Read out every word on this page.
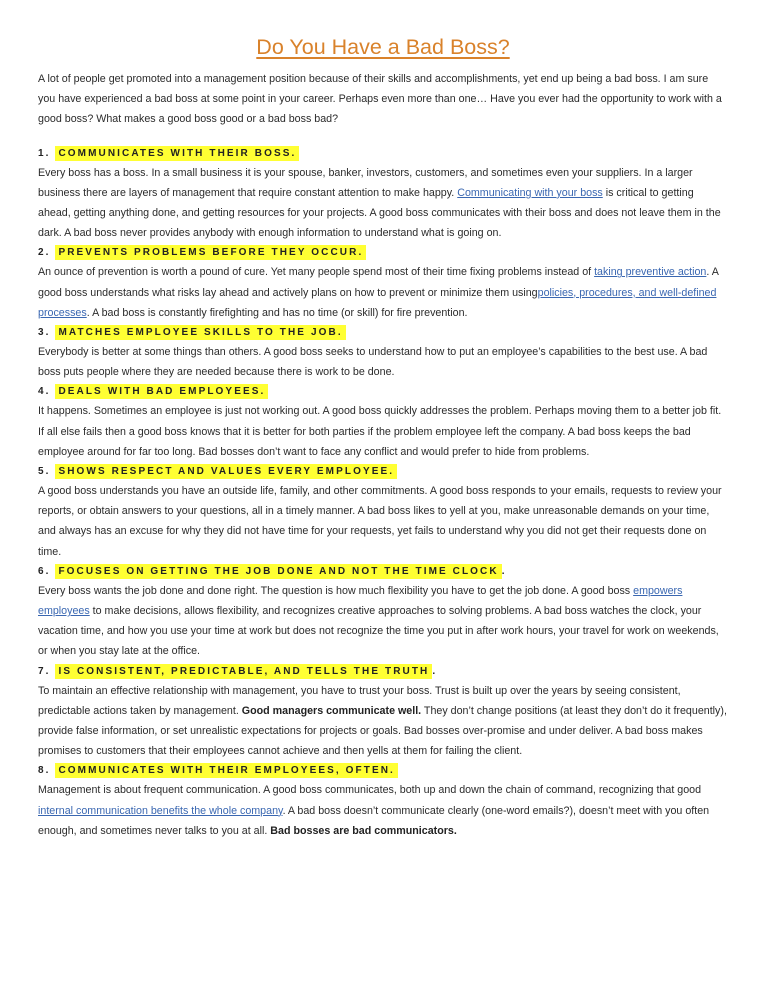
Do You Have a Bad Boss?

A lot of people get promoted into a management position because of their skills and accomplishments, yet end up being a bad boss. I am sure you have experienced a bad boss at some point in your career. Perhaps even more than one… Have you ever had the opportunity to work with a good boss? What makes a good boss good or a bad boss bad?

1. COMMUNICATES WITH THEIR BOSS.

Every boss has a boss. In a small business it is your spouse, banker, investors, customers, and sometimes even your suppliers. In a larger business there are layers of management that require constant attention to make happy. Communicating with your boss is critical to getting ahead, getting anything done, and getting resources for your projects. A good boss communicates with their boss and does not leave them in the dark. A bad boss never provides anybody with enough information to understand what is going on.

2. PREVENTS PROBLEMS BEFORE THEY OCCUR.

An ounce of prevention is worth a pound of cure. Yet many people spend most of their time fixing problems instead of taking preventive action. A good boss understands what risks lay ahead and actively plans on how to prevent or minimize them usingpolicies, procedures, and well-defined processes. A bad boss is constantly firefighting and has no time (or skill) for fire prevention.

3. MATCHES EMPLOYEE SKILLS TO THE JOB.

Everybody is better at some things than others. A good boss seeks to understand how to put an employee’s capabilities to the best use. A bad boss puts people where they are needed because there is work to be done.

4. DEALS WITH BAD EMPLOYEES.

It happens. Sometimes an employee is just not working out. A good boss quickly addresses the problem. Perhaps moving them to a better job fit. If all else fails then a good boss knows that it is better for both parties if the problem employee left the company. A bad boss keeps the bad employee around for far too long. Bad bosses don’t want to face any conflict and would prefer to hide from problems.

5. SHOWS RESPECT AND VALUES EVERY EMPLOYEE.

A good boss understands you have an outside life, family, and other commitments. A good boss responds to your emails, requests to review your reports, or obtain answers to your questions, all in a timely manner. A bad boss likes to yell at you, make unreasonable demands on your time, and always has an excuse for why they did not have time for your requests, yet fails to understand why you did not get their requests done on time.

6. FOCUSES ON GETTING THE JOB DONE AND NOT THE TIME CLOCK .

Every boss wants the job done and done right. The question is how much flexibility you have to get the job done. A good boss empowers employees to make decisions, allows flexibility, and recognizes creative approaches to solving problems. A bad boss watches the clock, your vacation time, and how you use your time at work but does not recognize the time you put in after work hours, your travel for work on weekends, or when you stay late at the office.

7. IS CONSISTENT, PREDICTABLE, AND TELLS THE TRUTH .

To maintain an effective relationship with management, you have to trust your boss. Trust is built up over the years by seeing consistent, predictable actions taken by management. Good managers communicate well. They don’t change positions (at least they don’t do it frequently), provide false information, or set unrealistic expectations for projects or goals. Bad bosses over-promise and under deliver. A bad boss makes promises to customers that their employees cannot achieve and then yells at them for failing the client.

8. COMMUNICATES WITH THEIR EMPLOYEES, OFTEN.

Management is about frequent communication. A good boss communicates, both up and down the chain of command, recognizing that good internal communication benefits the whole company. A bad boss doesn’t communicate clearly (one-word emails?), doesn’t meet with you often enough, and sometimes never talks to you at all. Bad bosses are bad communicators.
